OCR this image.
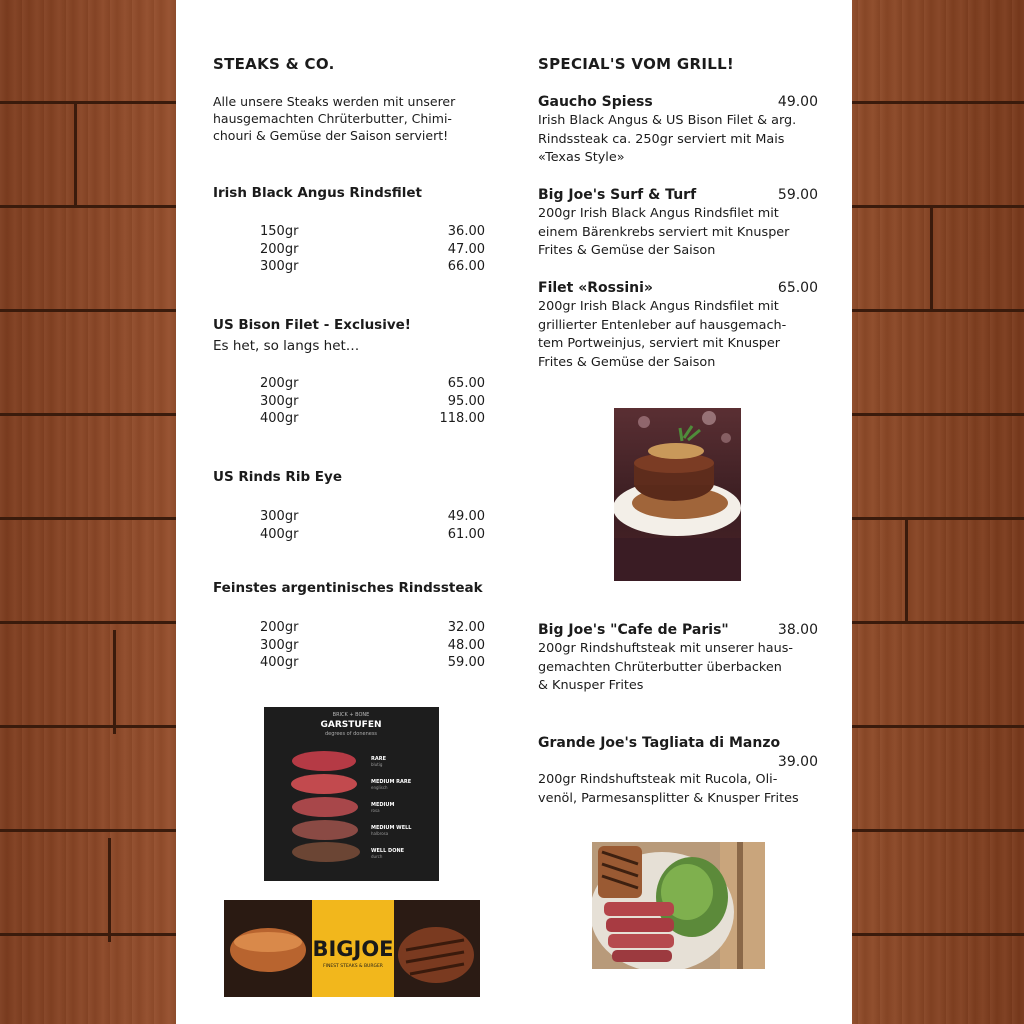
STEAKS & CO.
Alle unsere Steaks werden mit unserer
hausgemachten Chrüterbutter, Chimi-
chouri & Gemüse der Saison serviert!
Irish Black Angus Rindsfilet
150gr	36.00
200gr	47.00
300gr	66.00
US Bison Filet - Exclusive!
Es het, so langs het…
200gr	65.00
300gr	95.00
400gr	118.00
US Rinds Rib Eye
300gr	49.00
400gr	61.00
Feinstes argentinisches Rindssteak
200gr	32.00
300gr	48.00
400gr	59.00
BRICK + BONE
GARSTUFEN
degrees of doneness
RARE
blutig
MEDIUM RARE
englisch
MEDIUM
rosa
MEDIUM WELL
halbrosa
WELL DONE
durch
BIGJOE
FINEST STEAKS & BURGER
SPECIAL'S VOM GRILL!
Gaucho Spiess	49.00
Irish Black Angus & US Bison Filet & arg.
Rindssteak ca. 250gr serviert mit Mais
«Texas Style»
Big Joe's Surf & Turf	59.00
200gr Irish Black Angus Rindsfilet mit
einem Bärenkrebs serviert mit Knusper
Frites & Gemüse der Saison
Filet «Rossini»	65.00
200gr Irish Black Angus Rindsfilet mit
grillierter Entenleber auf hausgemach-
tem Portweinjus, serviert mit Knusper
Frites & Gemüse der Saison
Big Joe's "Cafe de Paris"	38.00
200gr Rindshuftsteak mit unserer haus-
gemachten Chrüterbutter überbacken
& Knusper Frites
Grande Joe's Tagliata di Manzo
39.00
200gr Rindshuftsteak mit Rucola, Oli-
venöl, Parmesansplitter & Knusper Frites
